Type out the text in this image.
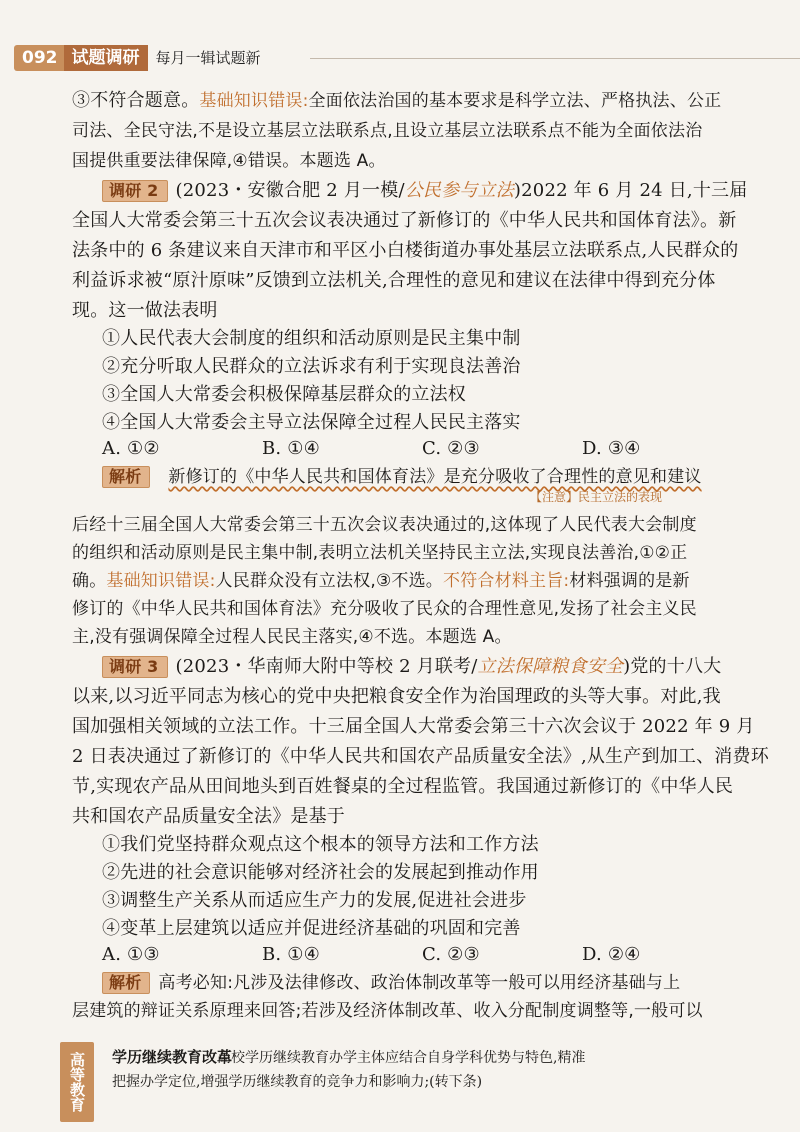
092 试题调研	每月一辑试题新
③不符合题意。基础知识错误:全面依法治国的基本要求是科学立法、严格执法、公正
司法、全民守法,不是设立基层立法联系点,且设立基层立法联系点不能为全面依法治
国提供重要法律保障,④错误。本题选 A。
调研 2 (2023・安徽合肥 2 月一模/公民参与立法)2022 年 6 月 24 日,十三届
全国人大常委会第三十五次会议表决通过了新修订的《中华人民共和国体育法》。新
法条中的 6 条建议来自天津市和平区小白楼街道办事处基层立法联系点,人民群众的
利益诉求被“原汁原味”反馈到立法机关,合理性的意见和建议在法律中得到充分体
现。这一做法表明
①人民代表大会制度的组织和活动原则是民主集中制
②充分听取人民群众的立法诉求有利于实现良法善治
③全国人大常委会积极保障基层群众的立法权
④全国人大常委会主导立法保障全过程人民民主落实
A. ①②	B. ①④	C. ②③	D. ③④
解析 新修订的《中华人民共和国体育法》是充分吸收了合理性的意见和建议
【注意】民主立法的表现
后经十三届全国人大常委会第三十五次会议表决通过的,这体现了人民代表大会制度
的组织和活动原则是民主集中制,表明立法机关坚持民主立法,实现良法善治,①②正
确。基础知识错误:人民群众没有立法权,③不选。不符合材料主旨:材料强调的是新
修订的《中华人民共和国体育法》充分吸收了民众的合理性意见,发扬了社会主义民
主,没有强调保障全过程人民民主落实,④不选。本题选 A。
调研 3 (2023・华南师大附中等校 2 月联考/立法保障粮食安全)党的十八大
以来,以习近平同志为核心的党中央把粮食安全作为治国理政的头等大事。对此,我
国加强相关领域的立法工作。十三届全国人大常委会第三十六次会议于 2022 年 9 月
2 日表决通过了新修订的《中华人民共和国农产品质量安全法》,从生产到加工、消费环
节,实现农产品从田间地头到百姓餐桌的全过程监管。我国通过新修订的《中华人民
共和国农产品质量安全法》是基于
①我们党坚持群众观点这个根本的领导方法和工作方法
②先进的社会意识能够对经济社会的发展起到推动作用
③调整生产关系从而适应生产力的发展,促进社会进步
④变革上层建筑以适应并促进经济基础的巩固和完善
A. ①③	B. ①④	C. ②③	D. ②④
解析 高考必知:凡涉及法律修改、政治体制改革等一般可以用经济基础与上
层建筑的辩证关系原理来回答;若涉及经济体制改革、收入分配制度调整等,一般可以
高等教育	学历继续教育改革
高校学历继续教育办学主体应结合自身学科优势与特色,精准
把握办学定位,增强学历继续教育的竞争力和影响力;(转下条)
